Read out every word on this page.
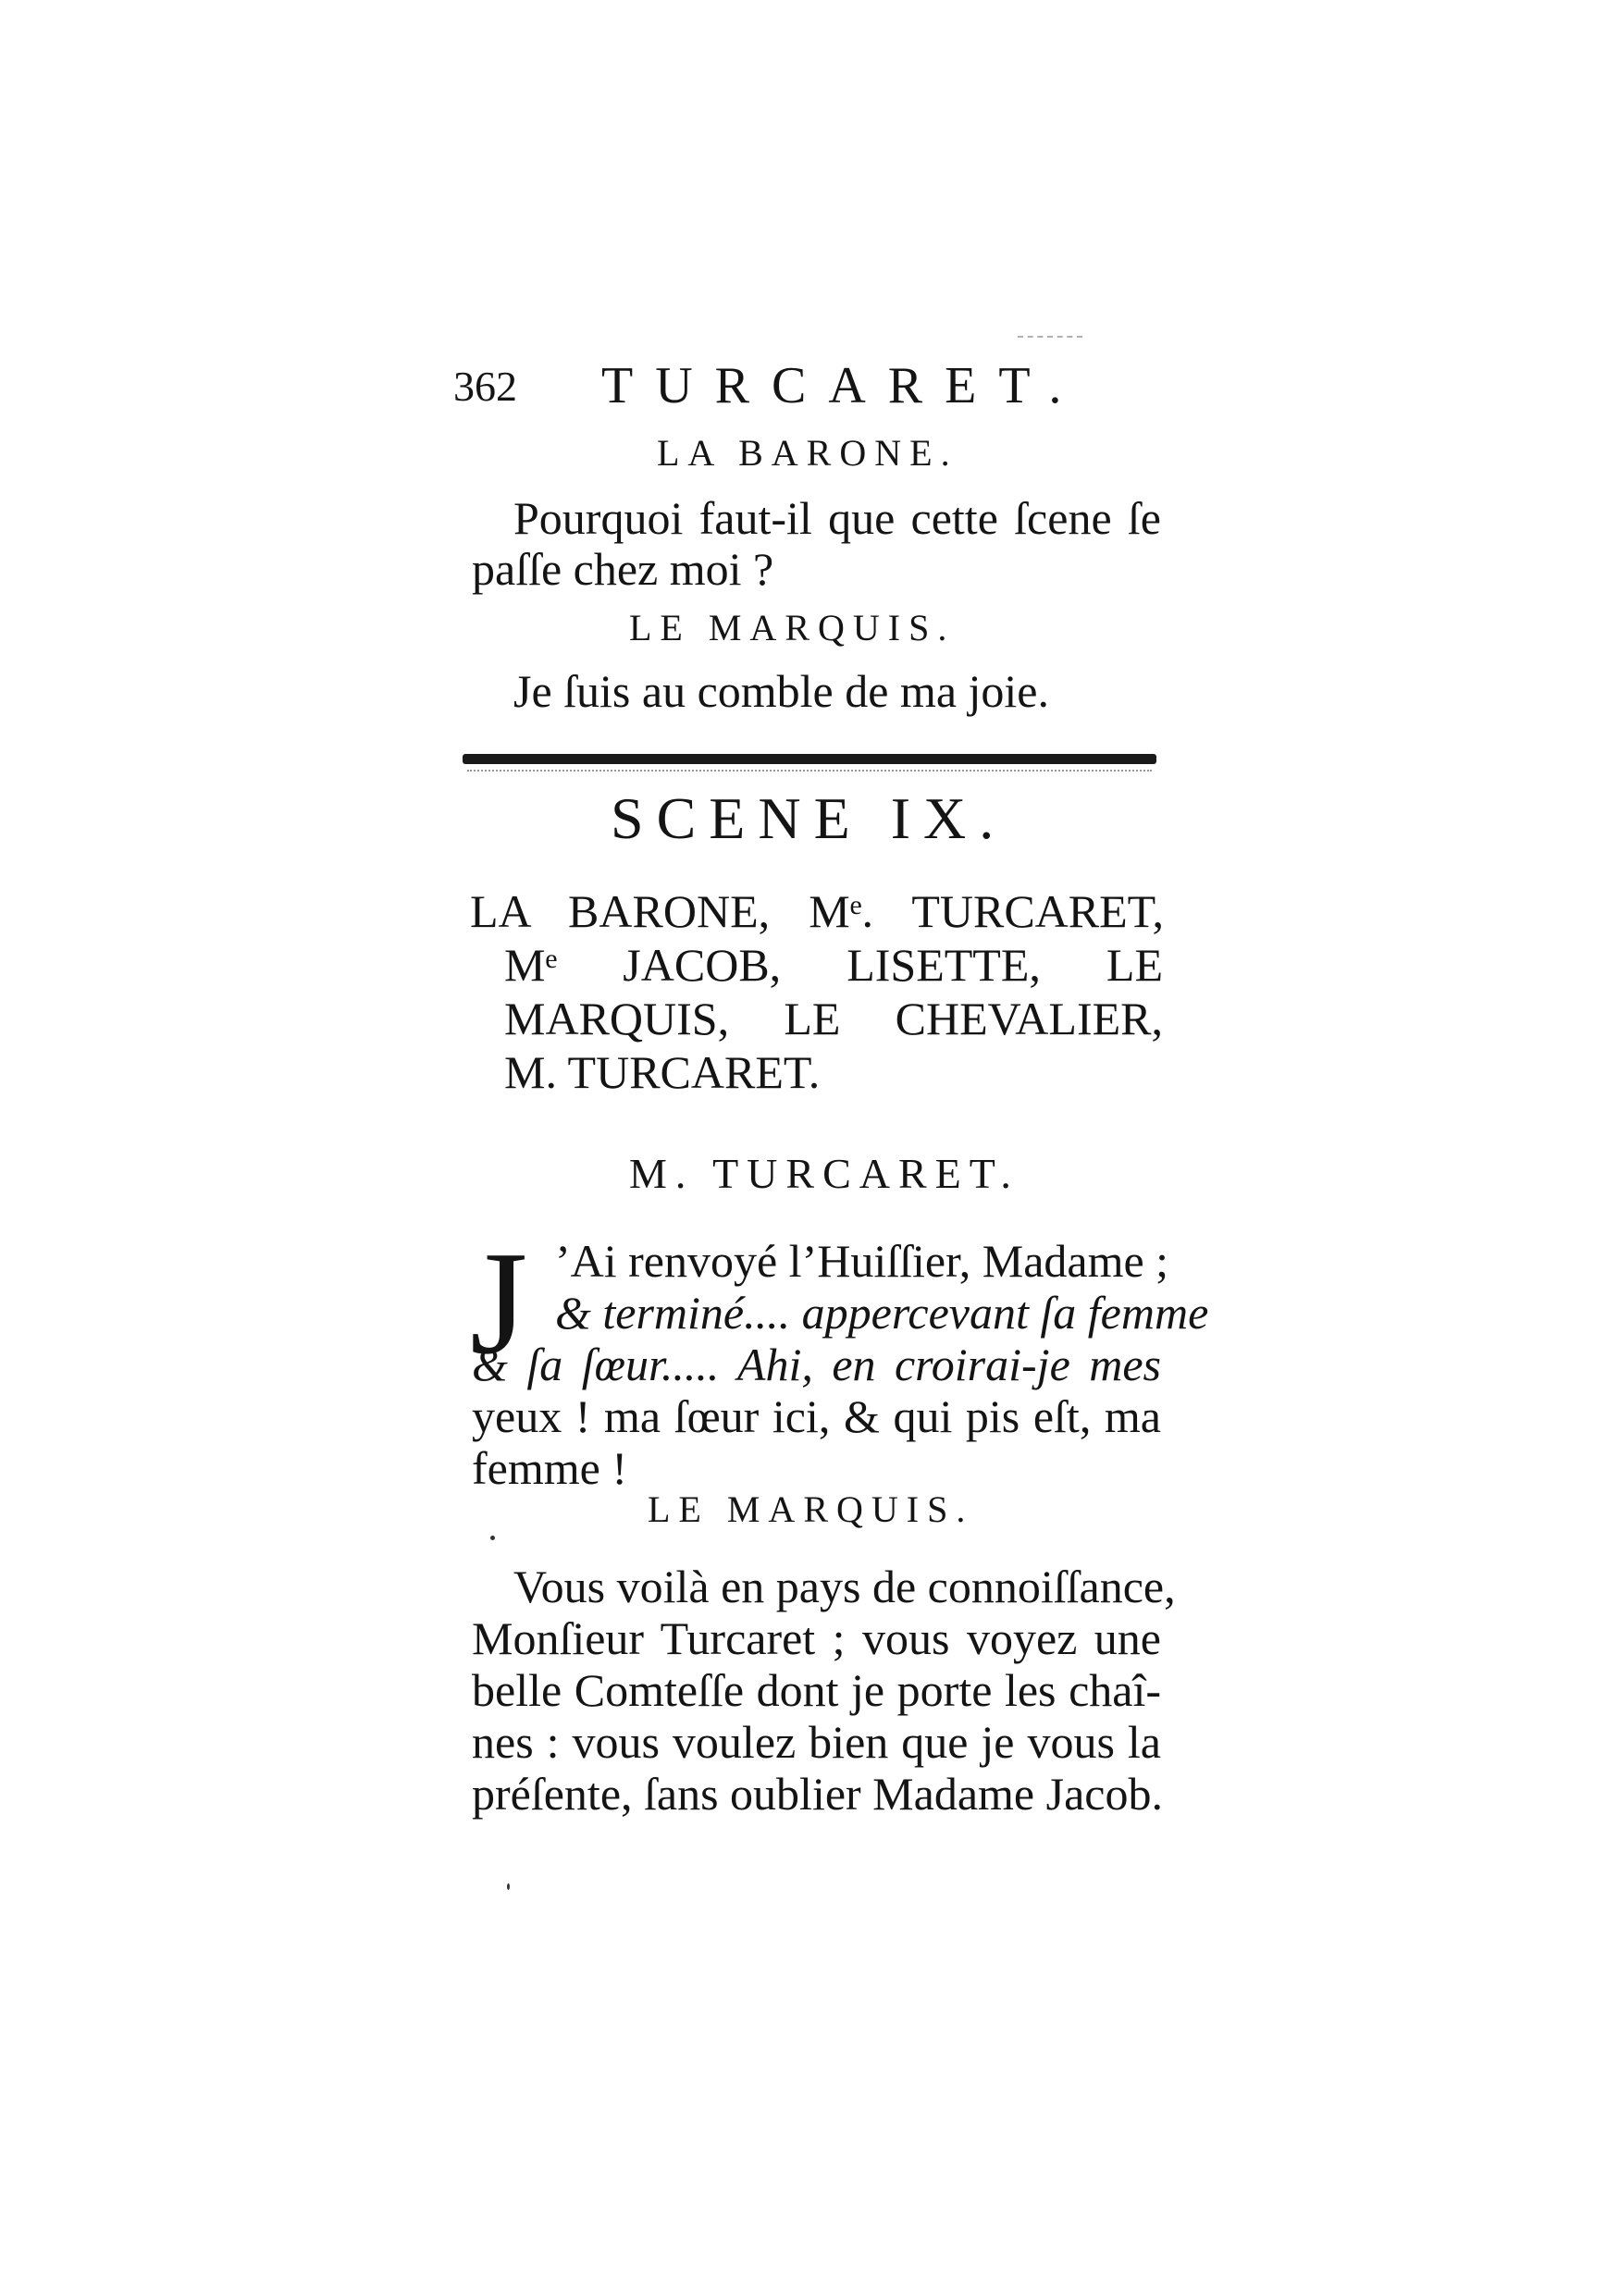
362 TURCARET.
LA BARONE.
Pourquoi faut-il que cette ſcene ſe
paſſe chez moi ?
LE MARQUIS.
Je ſuis au comble de ma joie.
SCENE IX.
LA BARONE, Mᵉ. TURCARET,
Mᵉ JACOB, LISETTE, LE
MARQUIS, LE CHEVALIER,
M. TURCARET.
M. TURCARET.
J ’Ai renvoyé l’Huiſſier, Madame ;
& terminé.... appercevant ſa femme
& ſa ſœur..... Ahi, en croirai-je mes
yeux ! ma ſœur ici, & qui pis eſt, ma
femme !
LE MARQUIS.
Vous voilà en pays de connoiſſance,
Monſieur Turcaret ; vous voyez une
belle Comteſſe dont je porte les chaî-
nes : vous voulez bien que je vous la
préſente, ſans oublier Madame Jacob.
